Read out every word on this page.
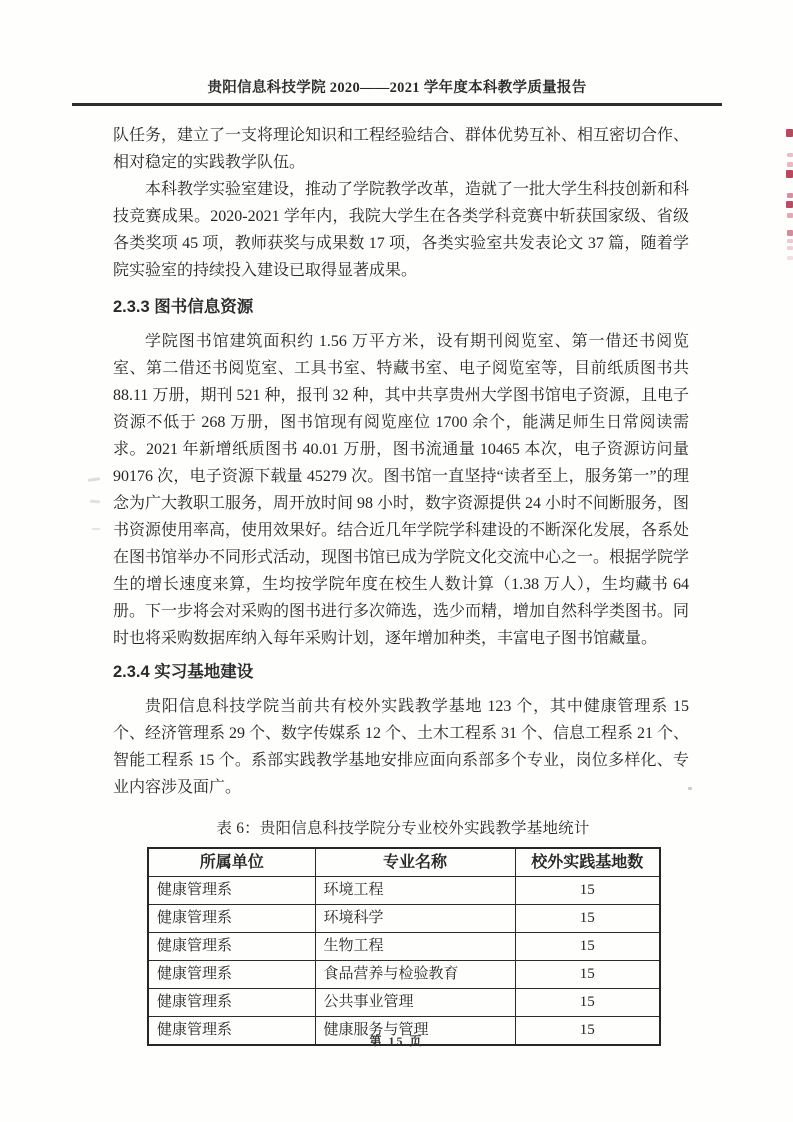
贵阳信息科技学院 2020——2021 学年度本科教学质量报告

队任务，建立了一支将理论知识和工程经验结合、群体优势互补、相互密切合作、相对稳定的实践教学队伍。

本科教学实验室建设，推动了学院教学改革，造就了一批大学生科技创新和科技竞赛成果。2020-2021 学年内，我院大学生在各类学科竞赛中斩获国家级、省级各类奖项 45 项，教师获奖与成果数 17 项，各类实验室共发表论文 37 篇，随着学院实验室的持续投入建设已取得显著成果。

2.3.3 图书信息资源

学院图书馆建筑面积约 1.56 万平方米，设有期刊阅览室、第一借还书阅览室、第二借还书阅览室、工具书室、特藏书室、电子阅览室等，目前纸质图书共 88.11 万册，期刊 521 种，报刊 32 种，其中共享贵州大学图书馆电子资源，且电子资源不低于 268 万册，图书馆现有阅览座位 1700 余个，能满足师生日常阅读需求。2021 年新增纸质图书 40.01 万册，图书流通量 10465 本次，电子资源访问量 90176 次，电子资源下载量 45279 次。图书馆一直坚持“读者至上，服务第一”的理念为广大教职工服务，周开放时间 98 小时，数字资源提供 24 小时不间断服务，图书资源使用率高，使用效果好。结合近几年学院学科建设的不断深化发展，各系处在图书馆举办不同形式活动，现图书馆已成为学院文化交流中心之一。根据学院学生的增长速度来算，生均按学院年度在校生人数计算（1.38 万人），生均藏书 64 册。下一步将会对采购的图书进行多次筛选，选少而精，增加自然科学类图书。同时也将采购数据库纳入每年采购计划，逐年增加种类，丰富电子图书馆藏量。

2.3.4 实习基地建设

贵阳信息科技学院当前共有校外实践教学基地 123 个，其中健康管理系 15 个、经济管理系 29 个、数字传媒系 12 个、土木工程系 31 个、信息工程系 21 个、智能工程系 15 个。系部实践教学基地安排应面向系部多个专业，岗位多样化、专业内容涉及面广。

表 6：贵阳信息科技学院分专业校外实践教学基地统计
所属单位	专业名称	校外实践基地数
健康管理系	环境工程	15
健康管理系	环境科学	15
健康管理系	生物工程	15
健康管理系	食品营养与检验教育	15
健康管理系	公共事业管理	15
健康管理系	健康服务与管理	15
第 15 页
